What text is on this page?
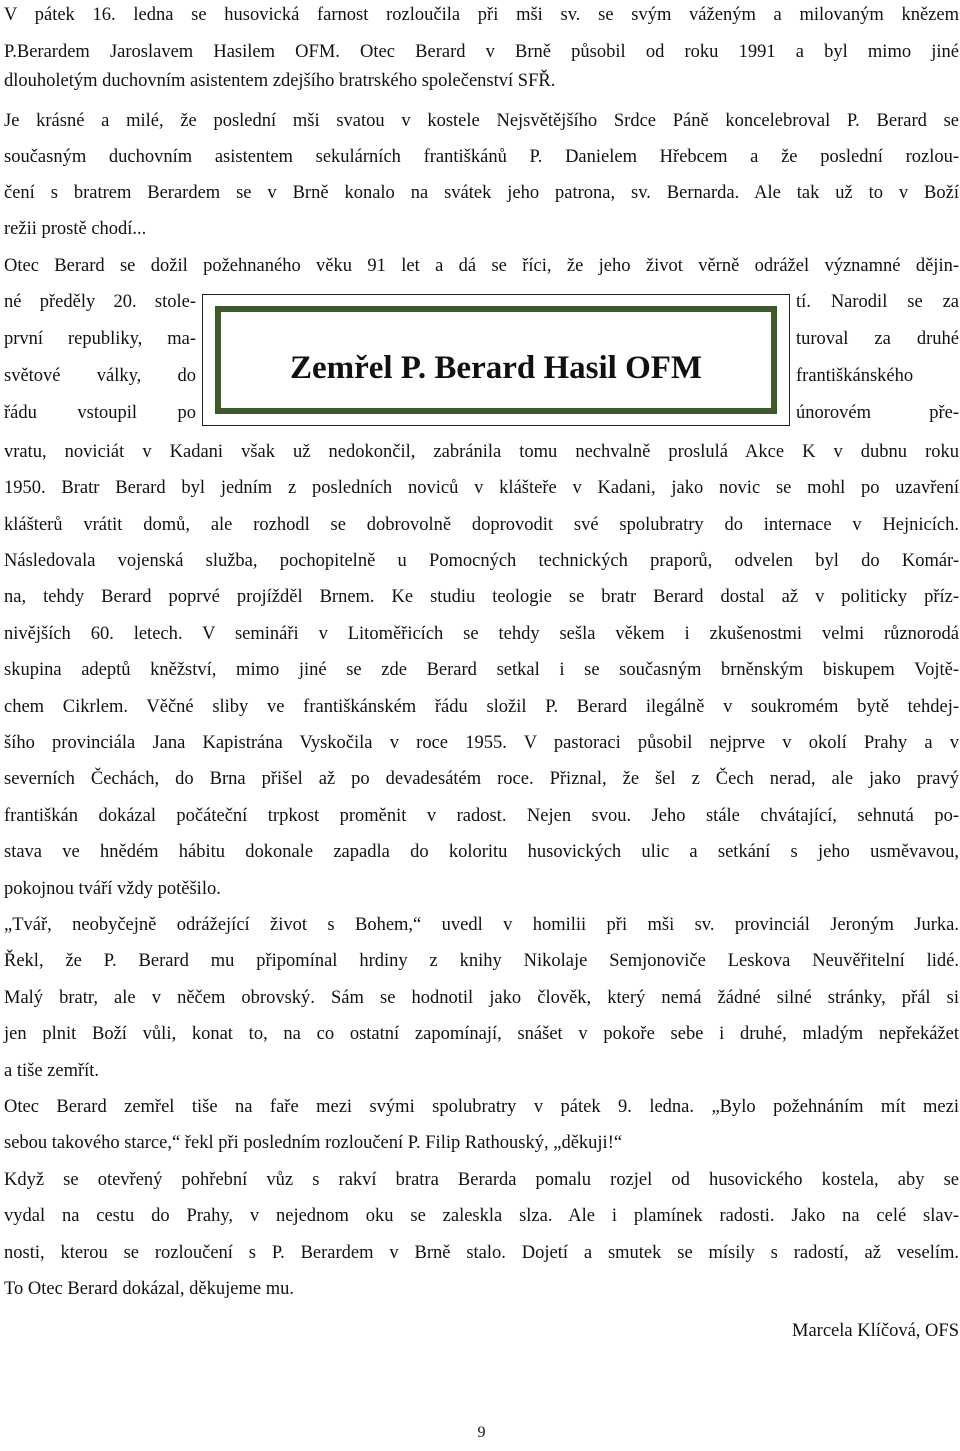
V pátek 16. ledna se husovická farnost rozloučila při mši sv. se svým váženým a milovaným knězem
P.Berardem Jaroslavem Hasilem OFM. Otec Berard v Brně působil od roku 1991 a byl mimo jiné
dlouholetým duchovním asistentem zdejšího bratrského společenství SFŘ.
Je krásné a milé, že poslední mši svatou v kostele Nejsvětějšího Srdce Páně koncelebroval P. Berard se
současným duchovním asistentem sekulárních františkánů P. Danielem Hřebcem a že poslední rozlou-
čení s bratrem Berardem se v Brně konalo na svátek jeho patrona, sv. Bernarda. Ale tak už to v Boží
režii prostě chodí...
Otec Berard se dožil požehnaného věku 91 let a dá se říci, že jeho život věrně odrážel významné dějin-
né předěly 20. stole-	tí. Narodil se za
první republiky, ma-	turoval za druhé
světové války, do	františkánského
řádu vstoupil po	únorovém pře-
Zemřel P. Berard Hasil OFM
vratu, noviciát v Kadani však už nedokončil, zabránila tomu nechvalně proslulá Akce K v dubnu roku
1950. Bratr Berard byl jedním z posledních noviců v klášteře v Kadani, jako novic se mohl po uzavření
klášterů vrátit domů, ale rozhodl se dobrovolně doprovodit své spolubratry do internace v Hejnicích.
Následovala vojenská služba, pochopitelně u Pomocných technických praporů, odvelen byl do Komár-
na, tehdy Berard poprvé projížděl Brnem. Ke studiu teologie se bratr Berard dostal až v politicky příz-
nivějších 60. letech. V semináři v Litoměřicích se tehdy sešla věkem i zkušenostmi velmi různorodá
skupina adeptů kněžství, mimo jiné se zde Berard setkal i se současným brněnským biskupem Vojtě-
chem Cikrlem. Věčné sliby ve františkánském řádu složil P. Berard ilegálně v soukromém bytě tehdej-
šího provinciála Jana Kapistrána Vyskočila v roce 1955. V pastoraci působil nejprve v okolí Prahy a v
severních Čechách, do Brna přišel až po devadesátém roce. Přiznal, že šel z Čech nerad, ale jako pravý
františkán dokázal počáteční trpkost proměnit v radost. Nejen svou. Jeho stále chvátající, sehnutá po-
stava ve hnědém hábitu dokonale zapadla do koloritu husovických ulic a setkání s jeho usměvavou,
pokojnou tváří vždy potěšilo.
„Tvář, neobyčejně odrážející život s Bohem,“ uvedl v homilii při mši sv. provinciál Jeroným Jurka.
Řekl, že P. Berard mu připomínal hrdiny z knihy Nikolaje Semjonoviče Leskova Neuvěřitelní lidé.
Malý bratr, ale v něčem obrovský. Sám se hodnotil jako člověk, který nemá žádné silné stránky, přál si
jen plnit Boží vůli, konat to, na co ostatní zapomínají, snášet v pokoře sebe i druhé, mladým nepřekážet
a tiše zemřít.
Otec Berard zemřel tiše na faře mezi svými spolubratry v pátek 9. ledna. „Bylo požehnáním mít mezi
sebou takového starce,“ řekl při posledním rozloučení P. Filip Rathouský, „děkuji!“
Když se otevřený pohřební vůz s rakví bratra Berarda pomalu rozjel od husovického kostela, aby se
vydal na cestu do Prahy, v nejednom oku se zaleskla slza. Ale i plamínek radosti. Jako na celé slav-
nosti, kterou se rozloučení s P. Berardem v Brně stalo. Dojetí a smutek se mísily s radostí, až veselím.
To Otec Berard dokázal, děkujeme mu.
Marcela Klíčová, OFS
9
